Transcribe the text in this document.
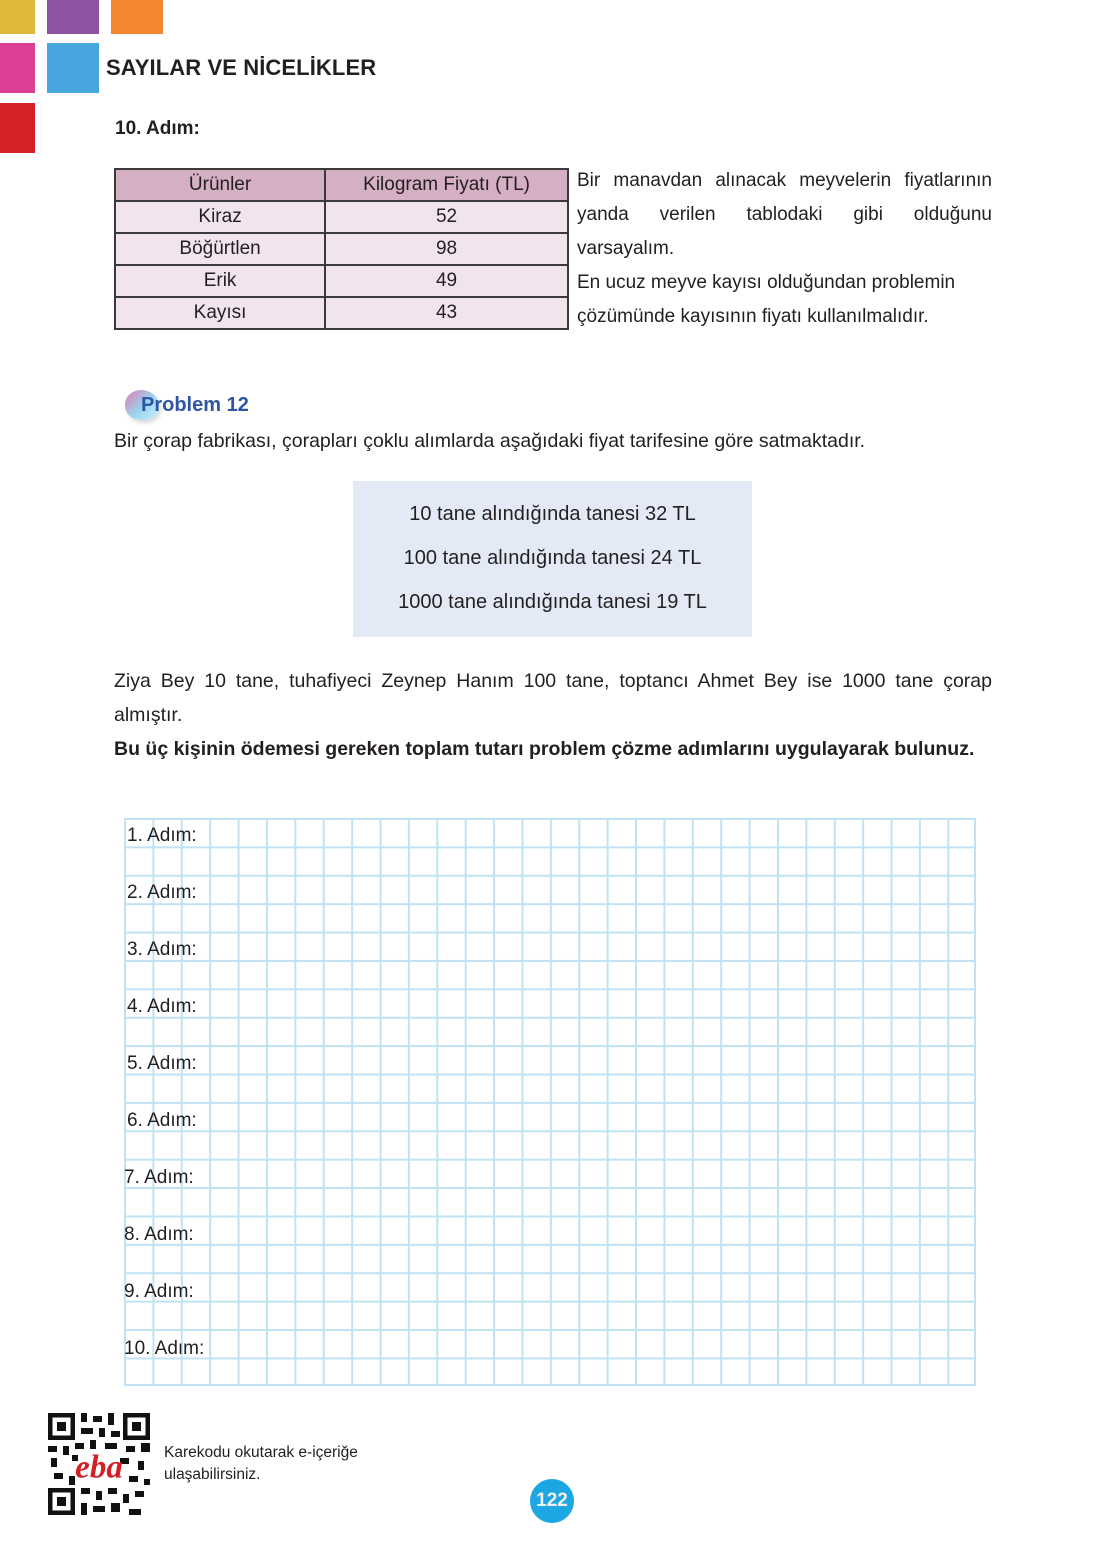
SAYILAR VE NİCELİKLER
10. Adım:
Ürünler	Kilogram Fiyatı (TL)
Kiraz	52
Böğürtlen	98
Erik	49
Kayısı	43

Bir manavdan alınacak meyvelerin fiyatlarının yanda verilen tablodaki gibi olduğunu varsayalım.

En ucuz meyve kayısı olduğundan problemin çözümünde kayısının fiyatı kullanılmalıdır.

Problem 12
Bir çorap fabrikası, çorapları çoklu alımlarda aşağıdaki fiyat tarifesine göre satmaktadır.
10 tane alındığında tanesi 32 TL
100 tane alındığında tanesi 24 TL
1000 tane alındığında tanesi 19 TL

Ziya Bey 10 tane, tuhafiyeci Zeynep Hanım 100 tane, toptancı Ahmet Bey ise 1000 tane çorap almıştır.

Bu üç kişinin ödemesi gereken toplam tutarı problem çözme adımlarını uygulayarak bulunuz.

1. Adım:
2. Adım:
3. Adım:
4. Adım:
5. Adım:
6. Adım:
7. Adım:
8. Adım:
9. Adım:
10. Adım:
eba	Karekodu okutarak e-içeriğe
ulaşabilirsiniz.
122
